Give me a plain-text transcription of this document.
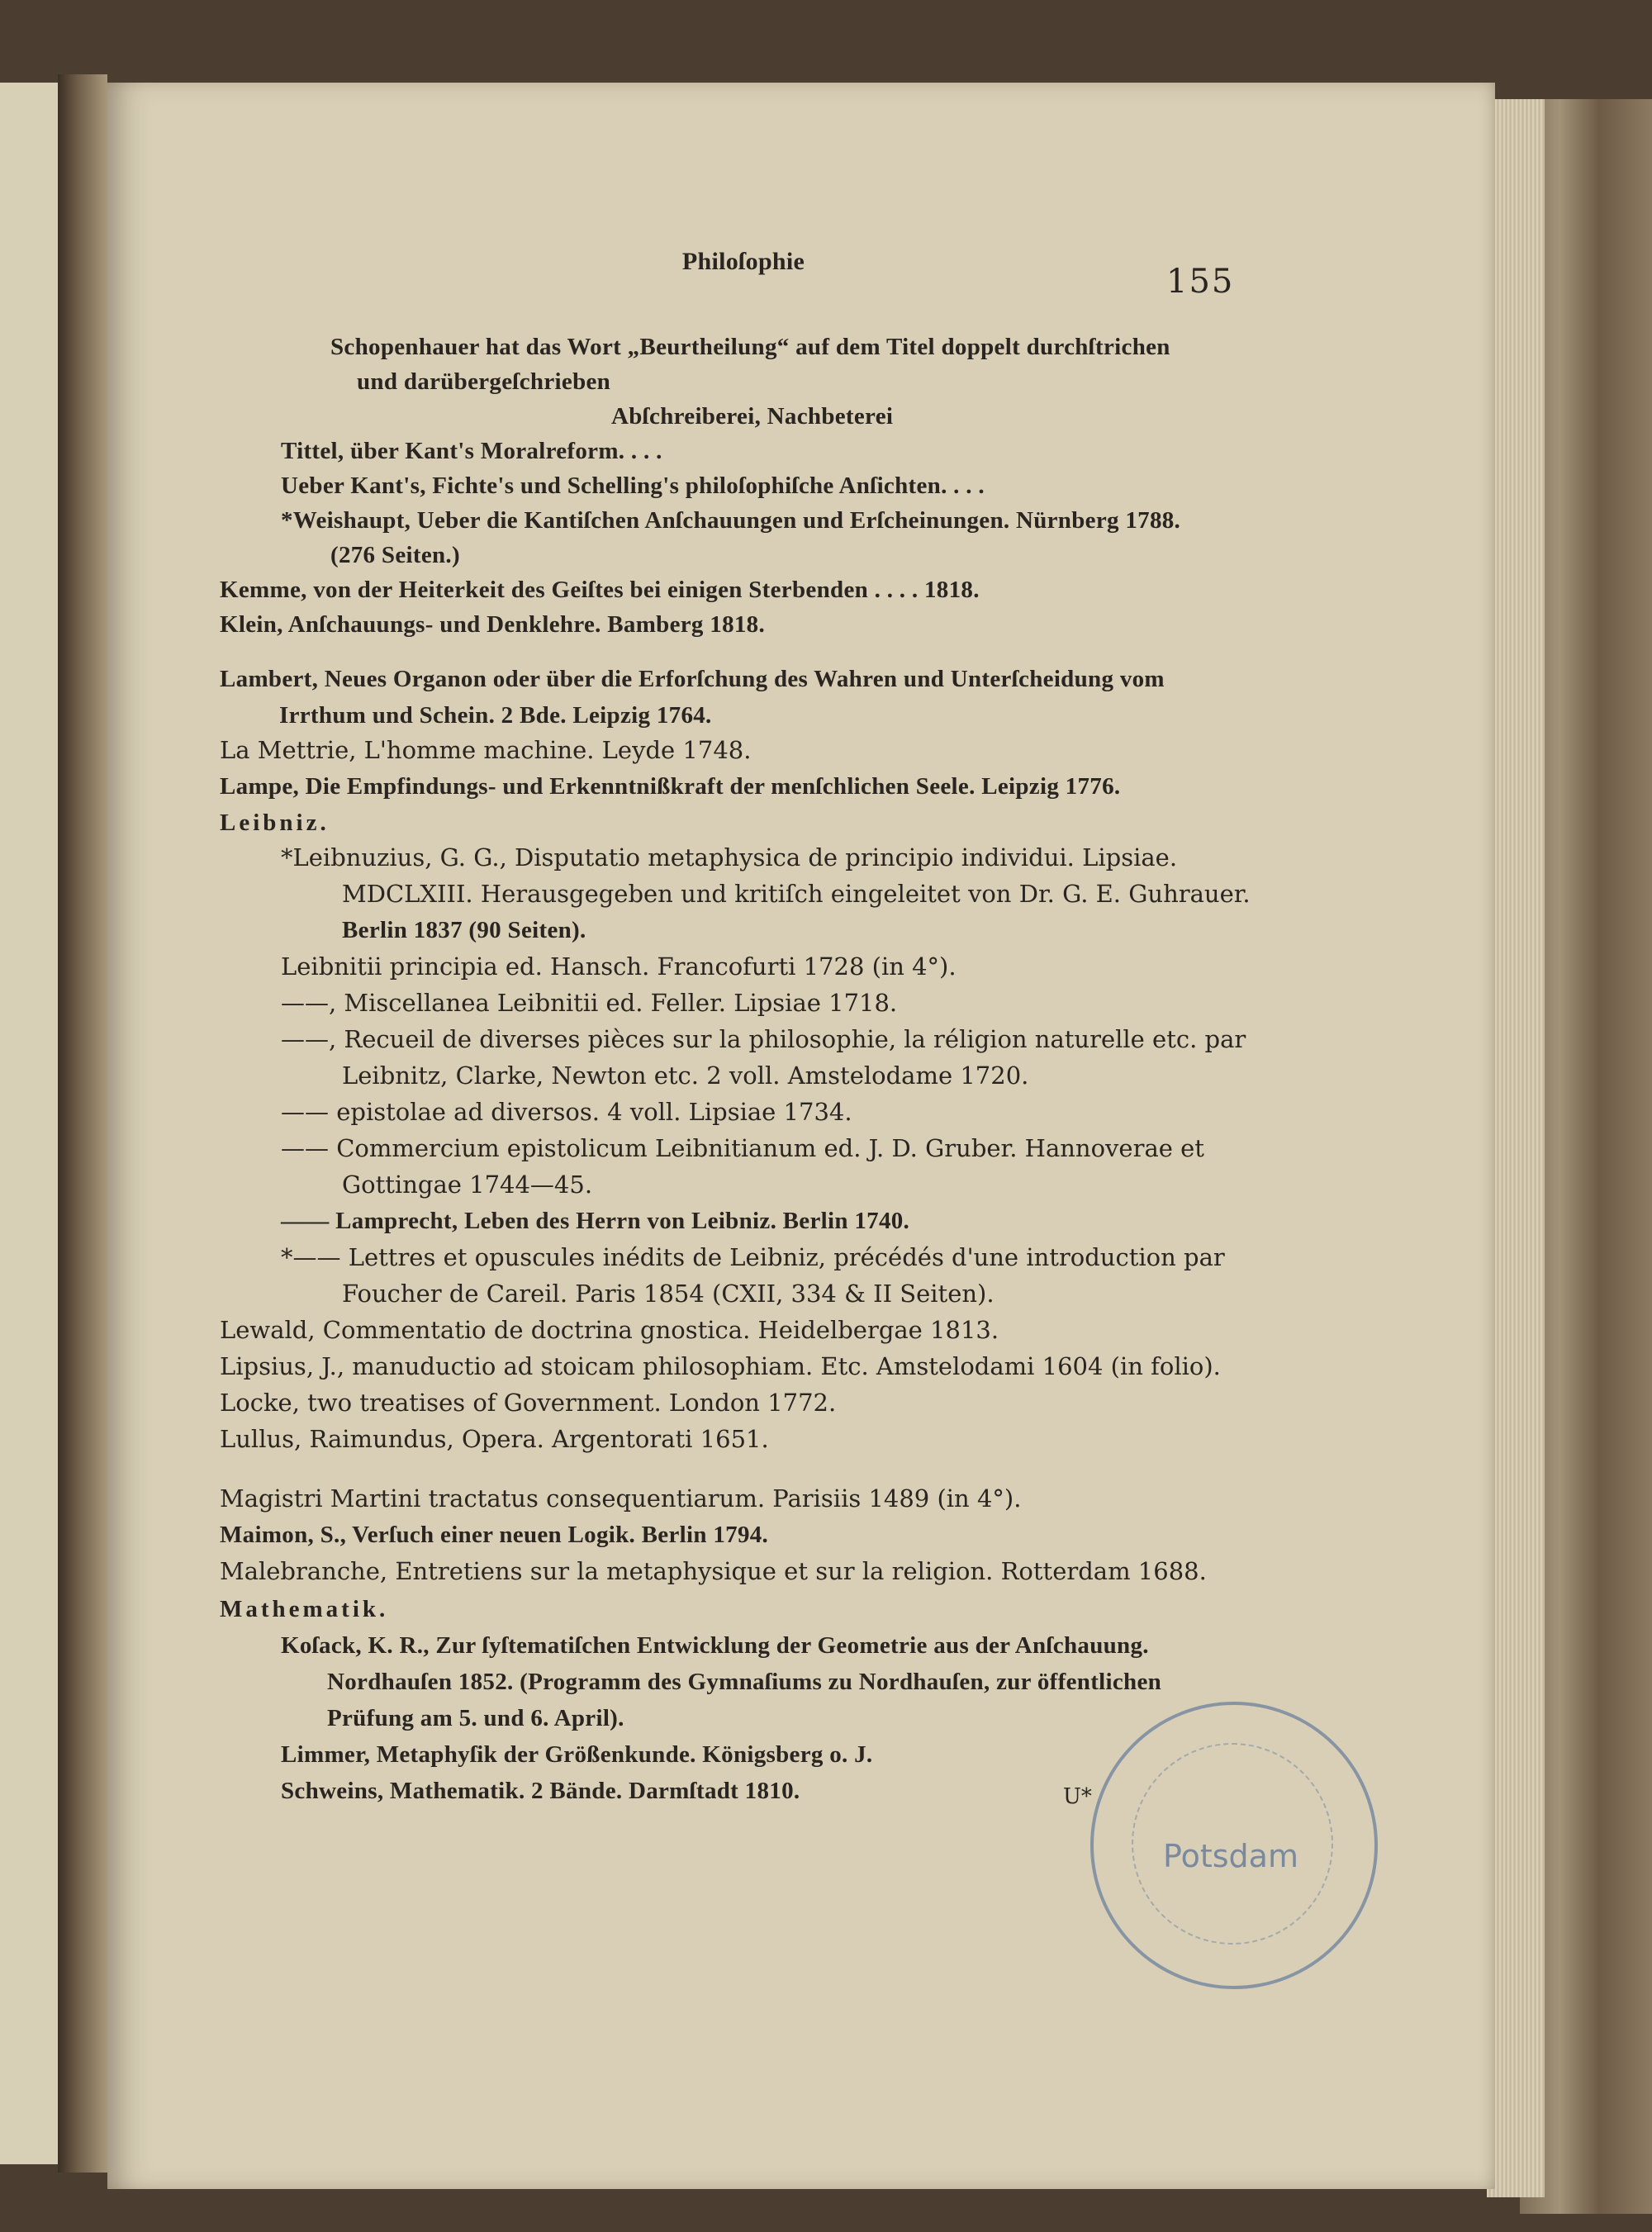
Philoſophie
155
Schopenhauer hat das Wort „Beurtheilung“ auf dem Titel doppelt durchſtrichen
und darübergeſchrieben
Abſchreiberei, Nachbeterei
Tittel, über Kant's Moralreform. . . .
Ueber Kant's, Fichte's und Schelling's philoſophiſche Anſichten. . . .
*Weishaupt, Ueber die Kantiſchen Anſchauungen und Erſcheinungen. Nürnberg 1788.
(276 Seiten.)
Kemme, von der Heiterkeit des Geiſtes bei einigen Sterbenden . . . . 1818.
Klein, Anſchauungs- und Denklehre. Bamberg 1818.
Lambert, Neues Organon oder über die Erforſchung des Wahren und Unterſcheidung vom
Irrthum und Schein. 2 Bde. Leipzig 1764.
La Mettrie, L'homme machine. Leyde 1748.
Lampe, Die Empfindungs- und Erkenntnißkraft der menſchlichen Seele. Leipzig 1776.
Leibniz.
*Leibnuzius, G. G., Disputatio metaphysica de principio individui. Lipsiae.
MDCLXIII. Herausgegeben und kritiſch eingeleitet von Dr. G. E. Guhrauer.
Berlin 1837 (90 Seiten).
Leibnitii principia ed. Hansch. Francofurti 1728 (in 4°).
——, Miscellanea Leibnitii ed. Feller. Lipsiae 1718.
——, Recueil de diverses pièces sur la philosophie, la réligion naturelle etc. par
Leibnitz, Clarke, Newton etc. 2 voll. Amstelodame 1720.
—— epistolae ad diversos. 4 voll. Lipsiae 1734.
—— Commercium epistolicum Leibnitianum ed. J. D. Gruber. Hannoverae et
Gottingae 1744—45.
—— Lamprecht, Leben des Herrn von Leibniz. Berlin 1740.
*—— Lettres et opuscules inédits de Leibniz, précédés d'une introduction par
Foucher de Careil. Paris 1854 (CXII, 334 & II Seiten).
Lewald, Commentatio de doctrina gnostica. Heidelbergae 1813.
Lipsius, J., manuductio ad stoicam philosophiam. Etc. Amstelodami 1604 (in folio).
Locke, two treatises of Government. London 1772.
Lullus, Raimundus, Opera. Argentorati 1651.
Magistri Martini tractatus consequentiarum. Parisiis 1489 (in 4°).
Maimon, S., Verſuch einer neuen Logik. Berlin 1794.
Malebranche, Entretiens sur la metaphysique et sur la religion. Rotterdam 1688.
Mathematik.
Koſack, K. R., Zur ſyſtematiſchen Entwicklung der Geometrie aus der Anſchauung.
Nordhauſen 1852. (Programm des Gymnaſiums zu Nordhauſen, zur öffentlichen
Prüfung am 5. und 6. April).
Limmer, Metaphyſik der Größenkunde. Königsberg o. J.
Schweins, Mathematik. 2 Bände. Darmſtadt 1810.	U*
Potsdam
